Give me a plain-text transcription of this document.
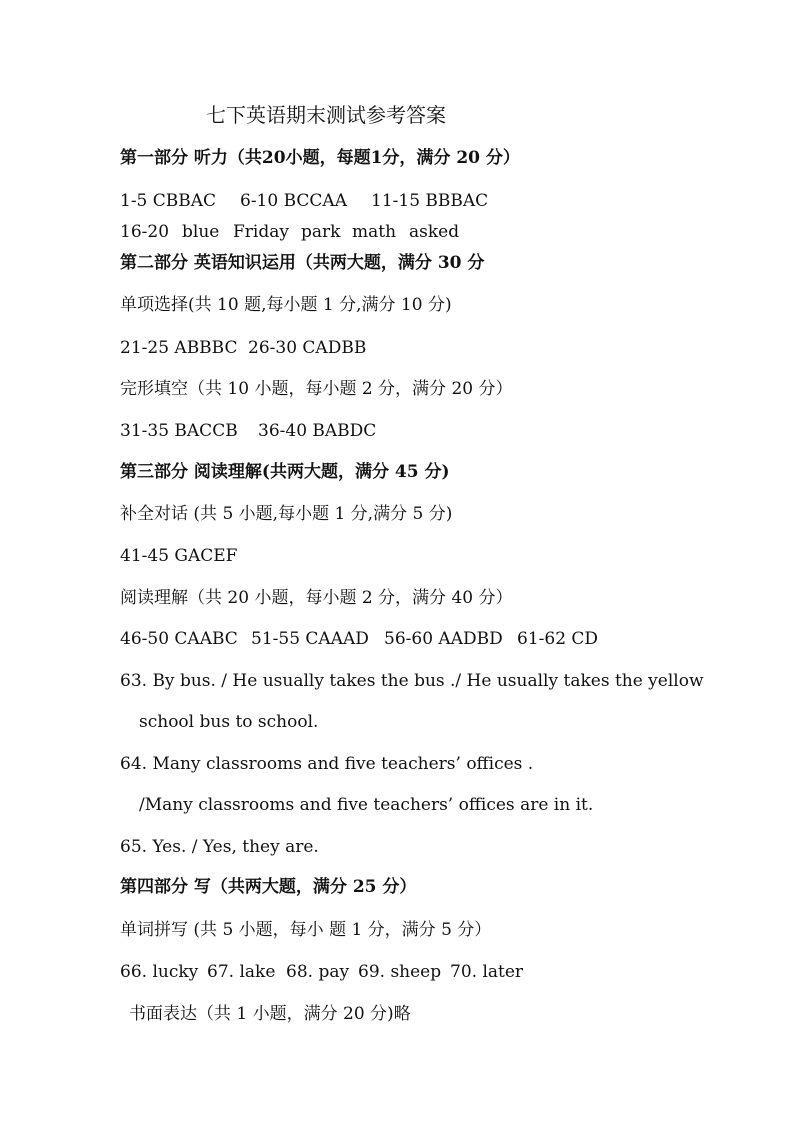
七下英语期末测试参考答案
第一部分 听力（共20小题，每题1分，满分 20 分）
1-5 CBBAC 6-10 BCCAA 11-15 BBBAC
16-20 blue Friday park math asked
第二部分 英语知识运用（共两大题，满分 30 分
单项选择(共 10 题,每小题 1 分,满分 10 分)
21-25 ABBBC 26-30 CADBB
完形填空（共 10 小题，每小题 2 分，满分 20 分）
31-35 BACCB 36-40 BABDC
第三部分 阅读理解(共两大题，满分 45 分)
补全对话 (共 5 小题,每小题 1 分,满分 5 分)
41-45 GACEF
阅读理解（共 20 小题，每小题 2 分，满分 40 分）
46-50 CAABC 51-55 CAAAD 56-60 AADBD 61-62 CD
63. By bus. / He usually takes the bus ./ He usually takes the yellow
school bus to school.
64. Many classrooms and five teachers’ offices .
/Many classrooms and five teachers’ offices are in it.
65. Yes. / Yes, they are.
第四部分 写（共两大题，满分 25 分）
单词拼写 (共 5 小题，每小 题 1 分，满分 5 分）
66. lucky 67. lake 68. pay 69. sheep 70. later
书面表达（共 1 小题，满分 20 分)略
